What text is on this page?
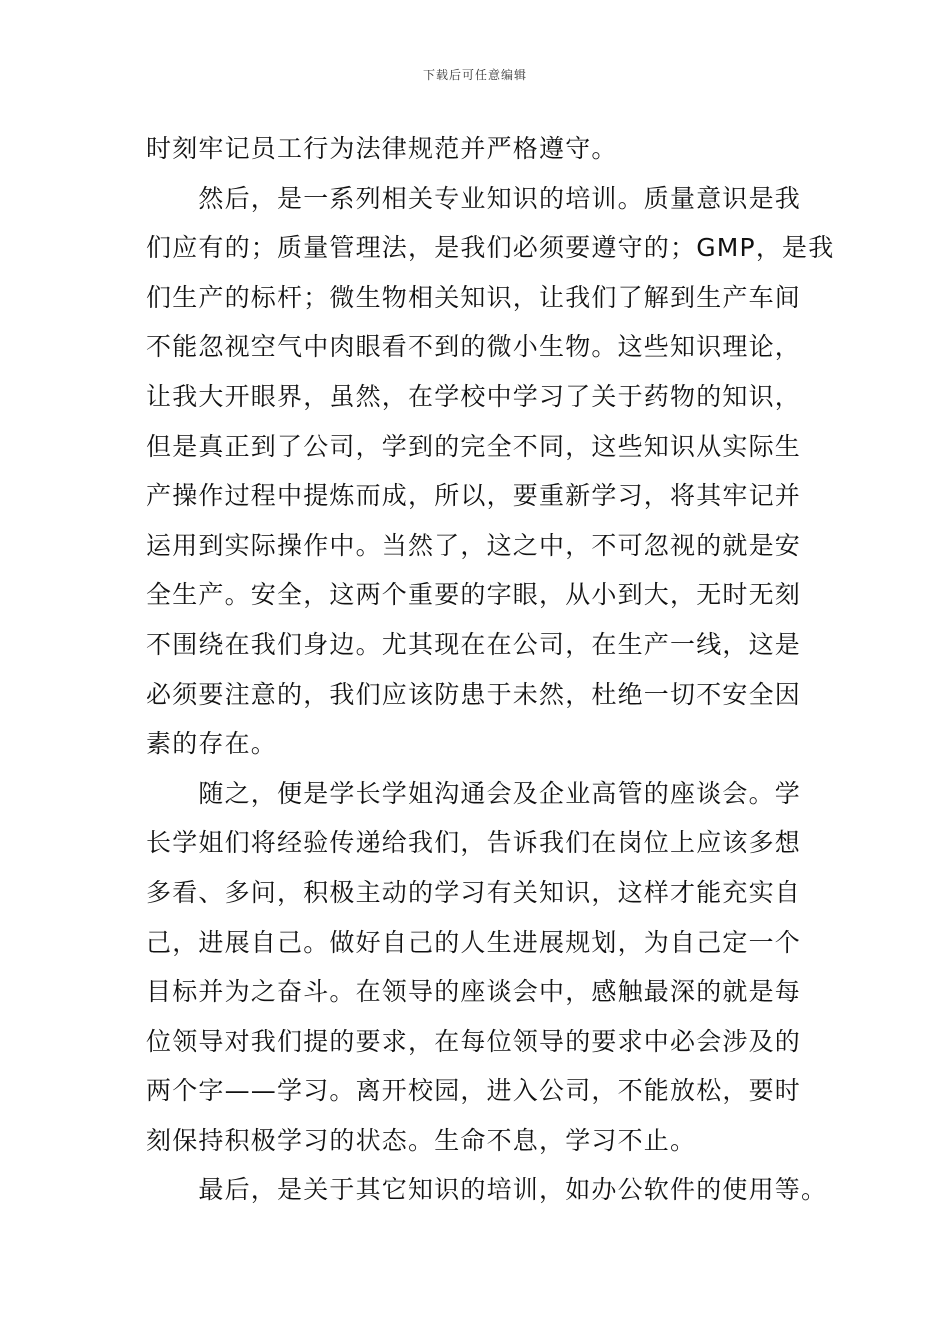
下载后可任意编辑
时刻牢记员工行为法律规范并严格遵守。
　　然后，是一系列相关专业知识的培训。质量意识是我
们应有的；质量管理法，是我们必须要遵守的；GMP，是我
们生产的标杆；微生物相关知识，让我们了解到生产车间
不能忽视空气中肉眼看不到的微小生物。这些知识理论，
让我大开眼界，虽然，在学校中学习了关于药物的知识，
但是真正到了公司，学到的完全不同，这些知识从实际生
产操作过程中提炼而成，所以，要重新学习，将其牢记并
运用到实际操作中。当然了，这之中，不可忽视的就是安
全生产。安全，这两个重要的字眼，从小到大，无时无刻
不围绕在我们身边。尤其现在在公司，在生产一线，这是
必须要注意的，我们应该防患于未然，杜绝一切不安全因
素的存在。
　　随之，便是学长学姐沟通会及企业高管的座谈会。学
长学姐们将经验传递给我们，告诉我们在岗位上应该多想
多看、多问，积极主动的学习有关知识，这样才能充实自
己，进展自己。做好自己的人生进展规划，为自己定一个
目标并为之奋斗。在领导的座谈会中，感触最深的就是每
位领导对我们提的要求，在每位领导的要求中必会涉及的
两个字——学习。离开校园，进入公司，不能放松，要时
刻保持积极学习的状态。生命不息，学习不止。
　　最后，是关于其它知识的培训，如办公软件的使用等。
